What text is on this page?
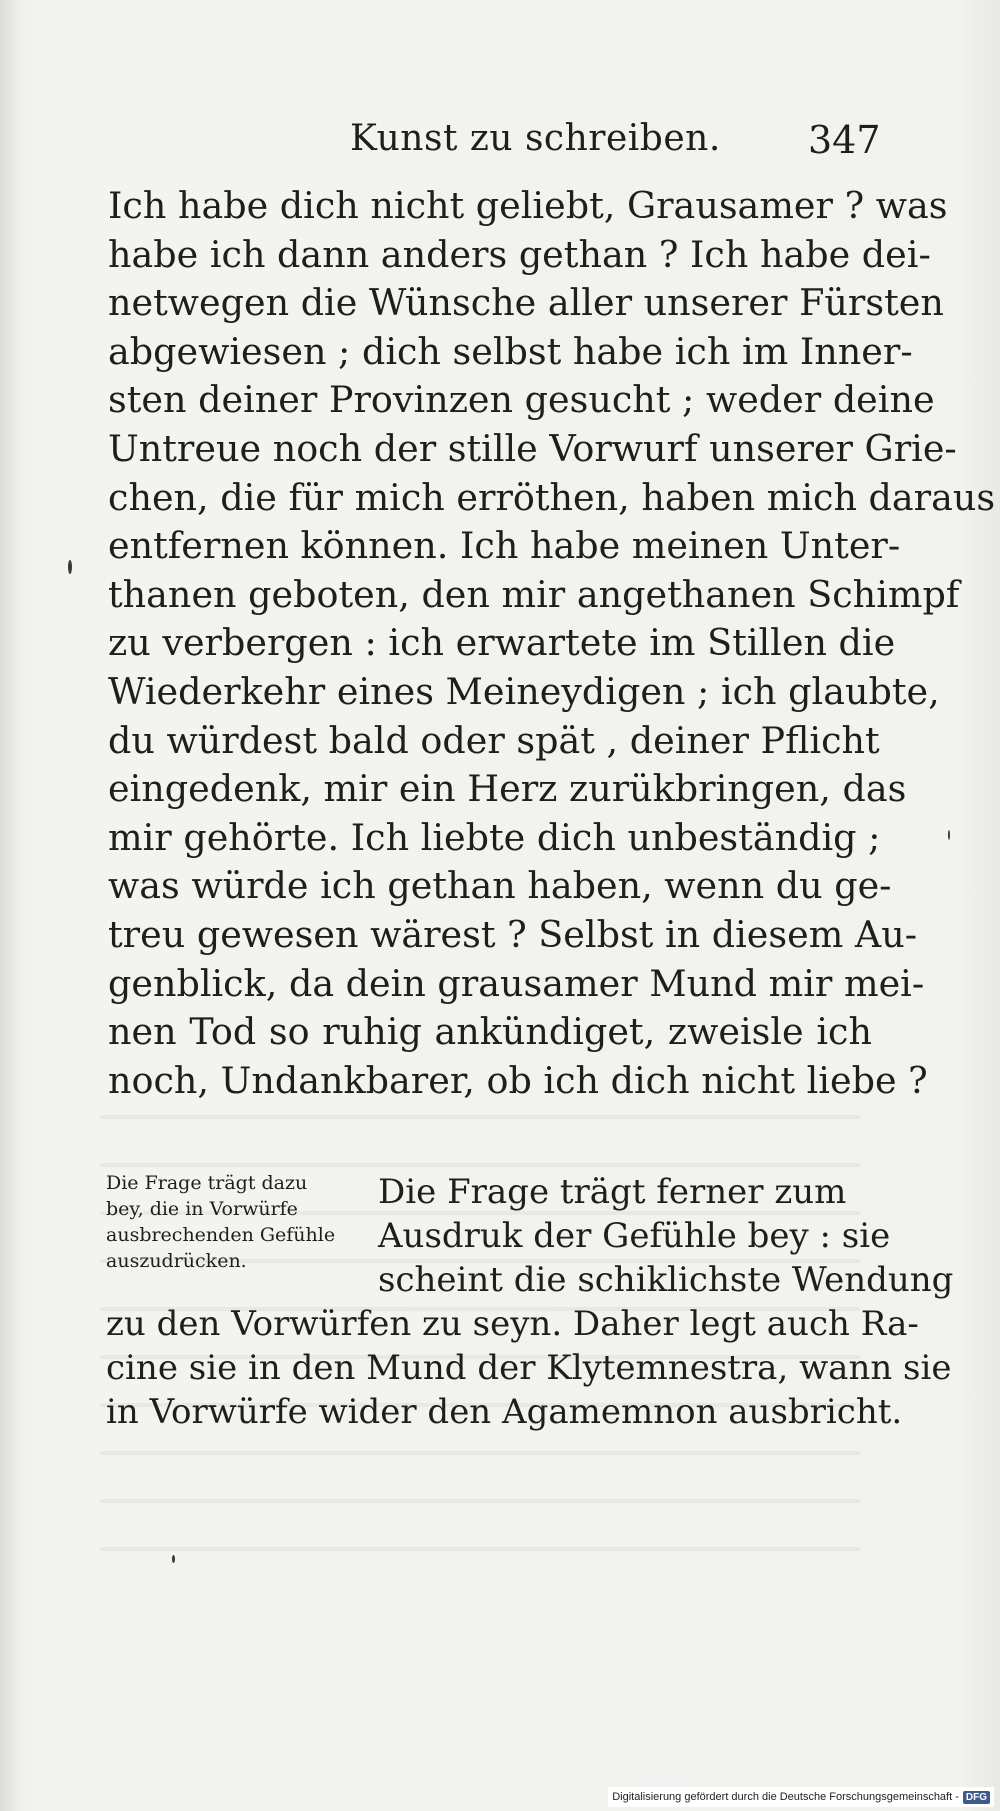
Kunst zu schreiben. 347

Ich habe dich nicht geliebt, Grausamer ? was
habe ich dann anders gethan ? Ich habe dei-
netwegen die Wünsche aller unserer Fürsten
abgewiesen ; dich selbst habe ich im Inner-
sten deiner Provinzen gesucht ; weder deine
Untreue noch der stille Vorwurf unserer Grie-
chen, die für mich erröthen, haben mich daraus
entfernen können. Ich habe meinen Unter-
thanen geboten, den mir angethanen Schimpf
zu verbergen : ich erwartete im Stillen die
Wiederkehr eines Meineydigen ; ich glaubte,
du würdest bald oder spät , deiner Pflicht
eingedenk, mir ein Herz zurükbringen, das
mir gehörte. Ich liebte dich unbeständig ;
was würde ich gethan haben, wenn du ge-
treu gewesen wärest ? Selbst in diesem Au-
genblick, da dein grausamer Mund mir mei-
nen Tod so ruhig ankündiget, zweisle ich
noch, Undankbarer, ob ich dich nicht liebe ?

Die Frage trägt dazu
bey, die in Vorwürfe
ausbrechenden Gefühle
auszudrücken.

Die Frage trägt ferner zum
Ausdruk der Gefühle bey : sie
scheint die schiklichste Wendung
zu den Vorwürfen zu seyn. Daher legt auch Ra-
cine sie in den Mund der Klytemnestra, wann sie
in Vorwürfe wider den Agamemnon ausbricht.
Digitalisierung gefördert durch die Deutsche Forschungsgemeinschaft - DFG
